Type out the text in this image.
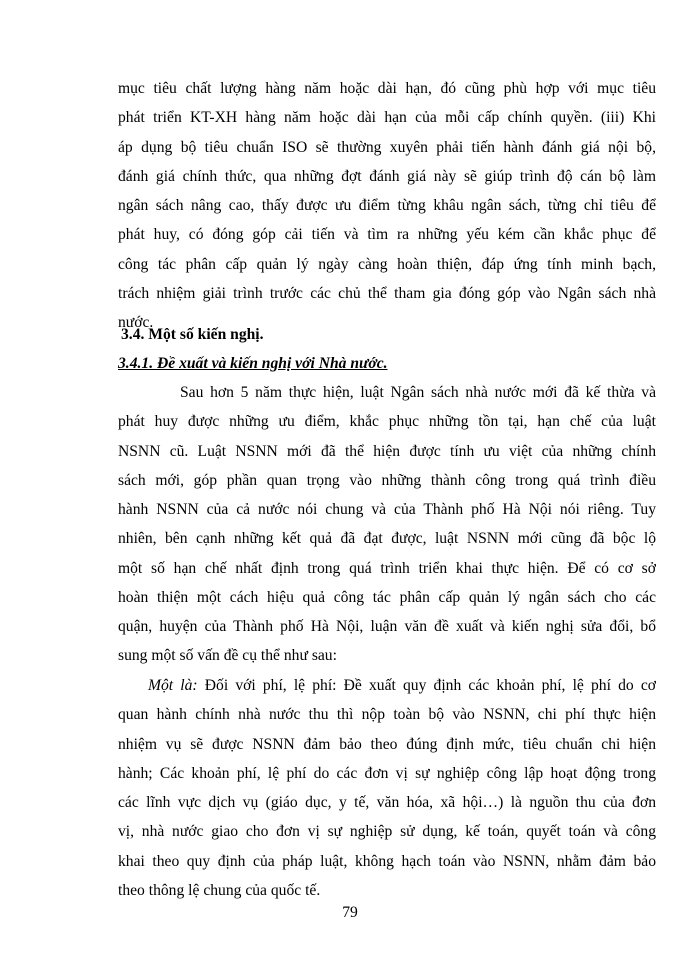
mục tiêu chất lượng hàng năm hoặc dài hạn, đó cũng phù hợp với mục tiêu
phát triển KT-XH hàng năm hoặc dài hạn của mỗi cấp chính quyền. (iii) Khi
áp dụng bộ tiêu chuẩn ISO sẽ thường xuyên phải tiến hành đánh giá nội bộ,
đánh giá chính thức, qua những đợt đánh giá này sẽ giúp trình độ cán bộ làm
ngân sách nâng cao, thấy được ưu điểm từng khâu ngân sách, từng chỉ tiêu để
phát huy, có đóng góp cải tiến và tìm ra những yếu kém cần khắc phục để
công tác phân cấp quản lý ngày càng hoàn thiện, đáp ứng tính minh bạch,
trách nhiệm giải trình trước các chủ thể tham gia đóng góp vào Ngân sách nhà
nước.
3.4. Một số kiến nghị.
3.4.1. Đề xuất và kiến nghị với Nhà nước.
Sau hơn 5 năm thực hiện, luật Ngân sách nhà nước mới đã kế thừa và
phát huy được những ưu điểm, khắc phục những tồn tại, hạn chế của luật
NSNN cũ. Luật NSNN mới đã thể hiện được tính ưu việt của những chính
sách mới, góp phần quan trọng vào những thành công trong quá trình điều
hành NSNN của cả nước nói chung và của Thành phố Hà Nội nói riêng. Tuy
nhiên, bên cạnh những kết quả đã đạt được, luật NSNN mới cũng đã bộc lộ
một số hạn chế nhất định trong quá trình triển khai thực hiện. Để có cơ sở
hoàn thiện một cách hiệu quả công tác phân cấp quản lý ngân sách cho các
quận, huyện của Thành phố Hà Nội, luận văn đề xuất và kiến nghị sửa đổi, bổ
sung một số vấn đề cụ thể như sau:
Một là: Đối với phí, lệ phí: Đề xuất quy định các khoản phí, lệ phí do cơ
quan hành chính nhà nước thu thì nộp toàn bộ vào NSNN, chi phí thực hiện
nhiệm vụ sẽ được NSNN đảm bảo theo đúng định mức, tiêu chuẩn chi hiện
hành; Các khoản phí, lệ phí do các đơn vị sự nghiệp công lập hoạt động trong
các lĩnh vực dịch vụ (giáo dục, y tế, văn hóa, xã hội…) là nguồn thu của đơn
vị, nhà nước giao cho đơn vị sự nghiệp sử dụng, kế toán, quyết toán và công
khai theo quy định của pháp luật, không hạch toán vào NSNN, nhằm đảm bảo
theo thông lệ chung của quốc tế.
79
